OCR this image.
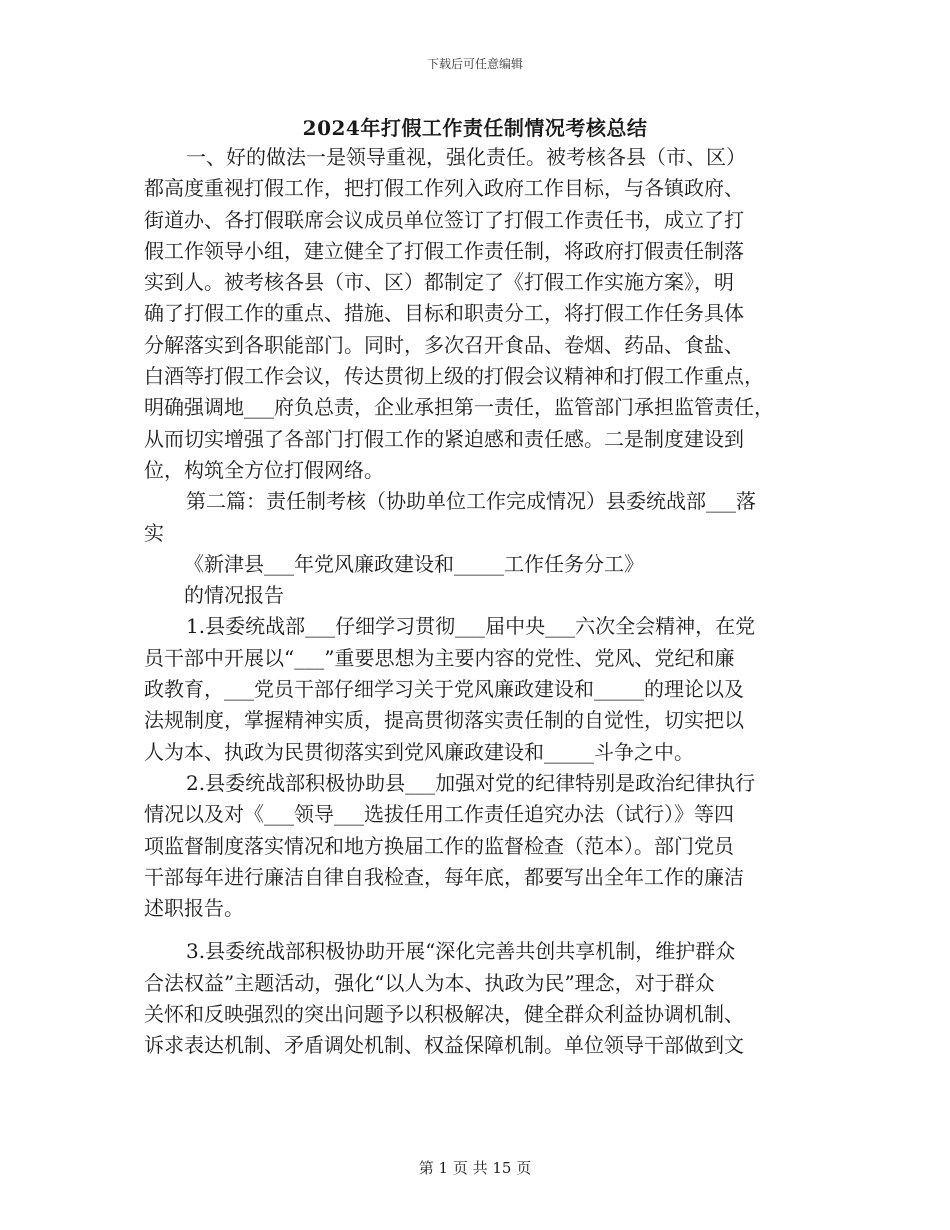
下载后可任意编辑
2024年打假工作责任制情况考核总结
一、好的做法一是领导重视，强化责任。被考核各县（市、区）
都高度重视打假工作，把打假工作列入政府工作目标，与各镇政府、
街道办、各打假联席会议成员单位签订了打假工作责任书，成立了打
假工作领导小组，建立健全了打假工作责任制，将政府打假责任制落
实到人。被考核各县（市、区）都制定了《打假工作实施方案》，明
确了打假工作的重点、措施、目标和职责分工，将打假工作任务具体
分解落实到各职能部门。同时，多次召开食品、卷烟、药品、食盐、
白酒等打假工作会议，传达贯彻上级的打假会议精神和打假工作重点，
明确强调地___府负总责，企业承担第一责任，监管部门承担监管责任，
从而切实增强了各部门打假工作的紧迫感和责任感。二是制度建设到
位，构筑全方位打假网络。
第二篇：责任制考核（协助单位工作完成情况）县委统战部___落
实
《新津县___年党风廉政建设和_____工作任务分工》
的情况报告
1.县委统战部___仔细学习贯彻___届中央___六次全会精神，在党
员干部中开展以“___”重要思想为主要内容的党性、党风、党纪和廉
政教育，___党员干部仔细学习关于党风廉政建设和_____的理论以及
法规制度，掌握精神实质，提高贯彻落实责任制的自觉性，切实把以
人为本、执政为民贯彻落实到党风廉政建设和_____斗争之中。
2.县委统战部积极协助县___加强对党的纪律特别是政治纪律执行
情况以及对《___领导___选拔任用工作责任追究办法（试行）》等四
项监督制度落实情况和地方换届工作的监督检查（范本）。部门党员
干部每年进行廉洁自律自我检查，每年底，都要写出全年工作的廉洁
述职报告。
3.县委统战部积极协助开展“深化完善共创共享机制，维护群众
合法权益”主题活动，强化“以人为本、执政为民”理念，对于群众
关怀和反映强烈的突出问题予以积极解决，健全群众利益协调机制、
诉求表达机制、矛盾调处机制、权益保障机制。单位领导干部做到文
第 1 页 共 15 页
